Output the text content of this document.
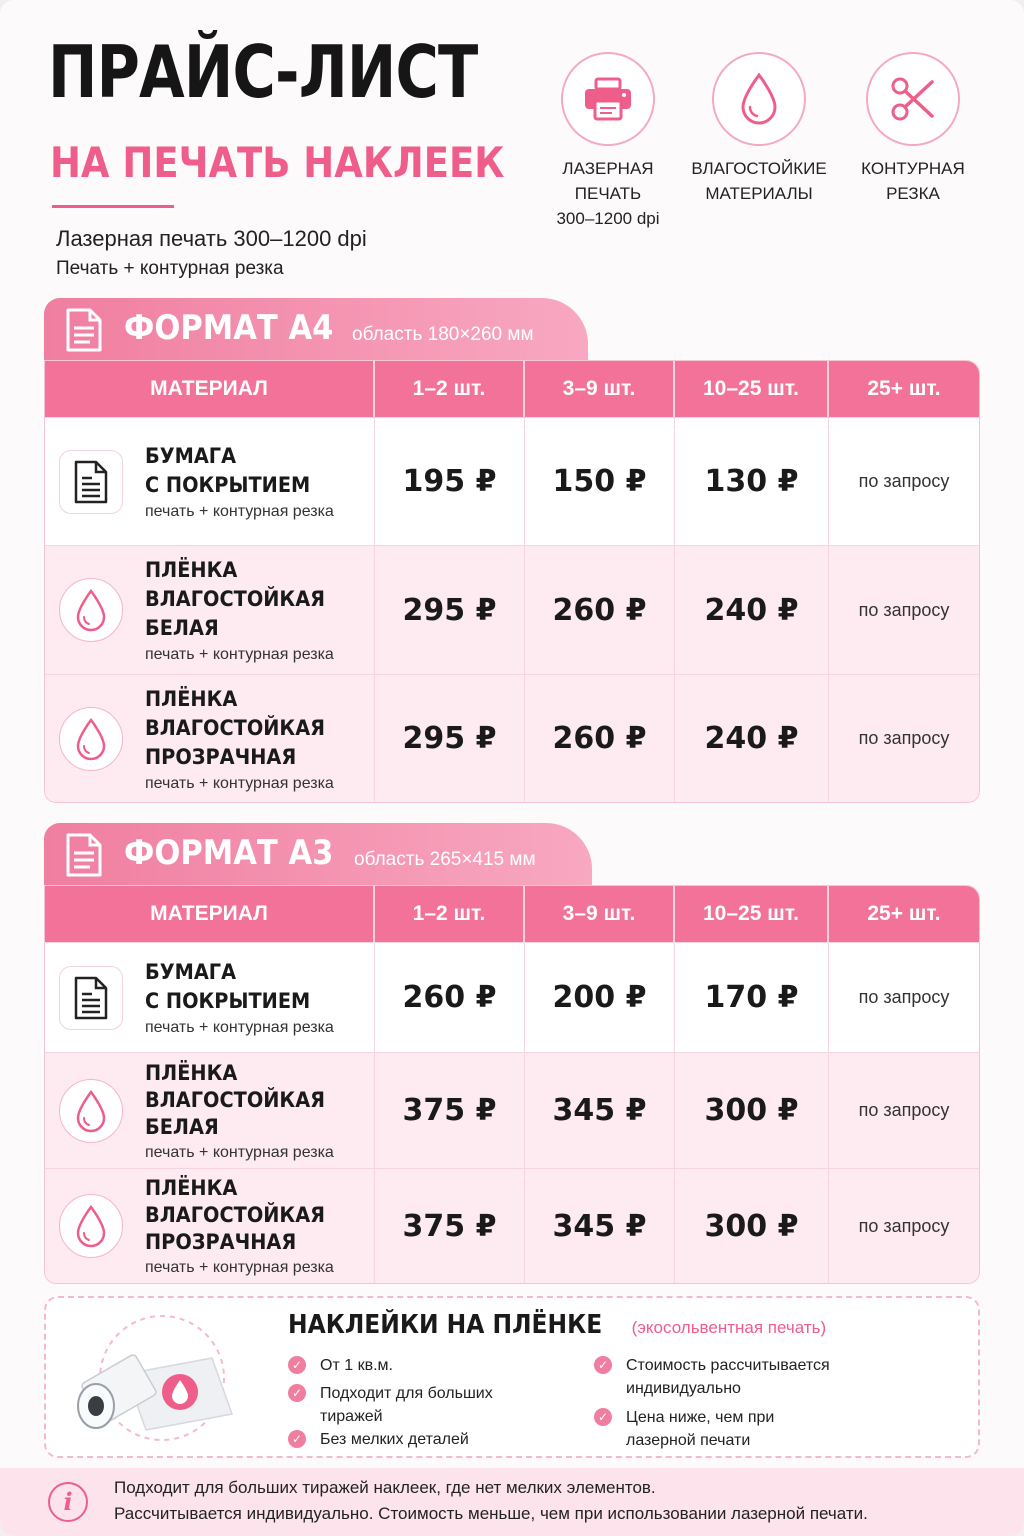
ПРАЙС-ЛИСТ
НА ПЕЧАТЬ НАКЛЕЕК
Лазерная печать 300–1200 dpi
Печать + контурная резка
ЛАЗЕРНАЯ
ПЕЧАТЬ
300–1200 dpi
ВЛАГОСТОЙКИЕ
МАТЕРИАЛЫ
КОНТУРНАЯ
РЕЗКА
ФОРМАТ А4 область 180×260 мм
МАТЕРИАЛ	1–2 шт.	3–9 шт.	10–25 шт.	25+ шт.
БУМАГА
С ПОКРЫТИЕМ
печать + контурная резка
195 ₽ 150 ₽ 130 ₽	по запросу
ПЛЁНКА
ВЛАГОСТОЙКАЯ
БЕЛАЯ
печать + контурная резка
295 ₽ 260 ₽ 240 ₽	по запросу
ПЛЁНКА
ВЛАГОСТОЙКАЯ
ПРОЗРАЧНАЯ
печать + контурная резка
295 ₽ 260 ₽ 240 ₽	по запросу
ФОРМАТ А3 область 265×415 мм
МАТЕРИАЛ	1–2 шт.	3–9 шт.	10–25 шт.	25+ шт.
БУМАГА
С ПОКРЫТИЕМ
печать + контурная резка
260 ₽ 200 ₽ 170 ₽	по запросу
ПЛЁНКА
ВЛАГОСТОЙКАЯ
БЕЛАЯ
печать + контурная резка
375 ₽ 345 ₽ 300 ₽	по запросу
ПЛЁНКА
ВЛАГОСТОЙКАЯ
ПРОЗРАЧНАЯ
печать + контурная резка
375 ₽ 345 ₽ 300 ₽	по запросу
НАКЛЕЙКИ НА ПЛЁНКЕ (экосольвентная печать)
✓ От 1 кв.м.
✓ Подходит для больших тиражей
✓ Без мелких деталей
✓ Стоимость рассчитывается индивидуально
✓ Цена ниже, чем при лазерной печати
i	Подходит для больших тиражей наклеек, где нет мелких элементов.
Рассчитывается индивидуально. Стоимость меньше, чем при использовании лазерной печати.
